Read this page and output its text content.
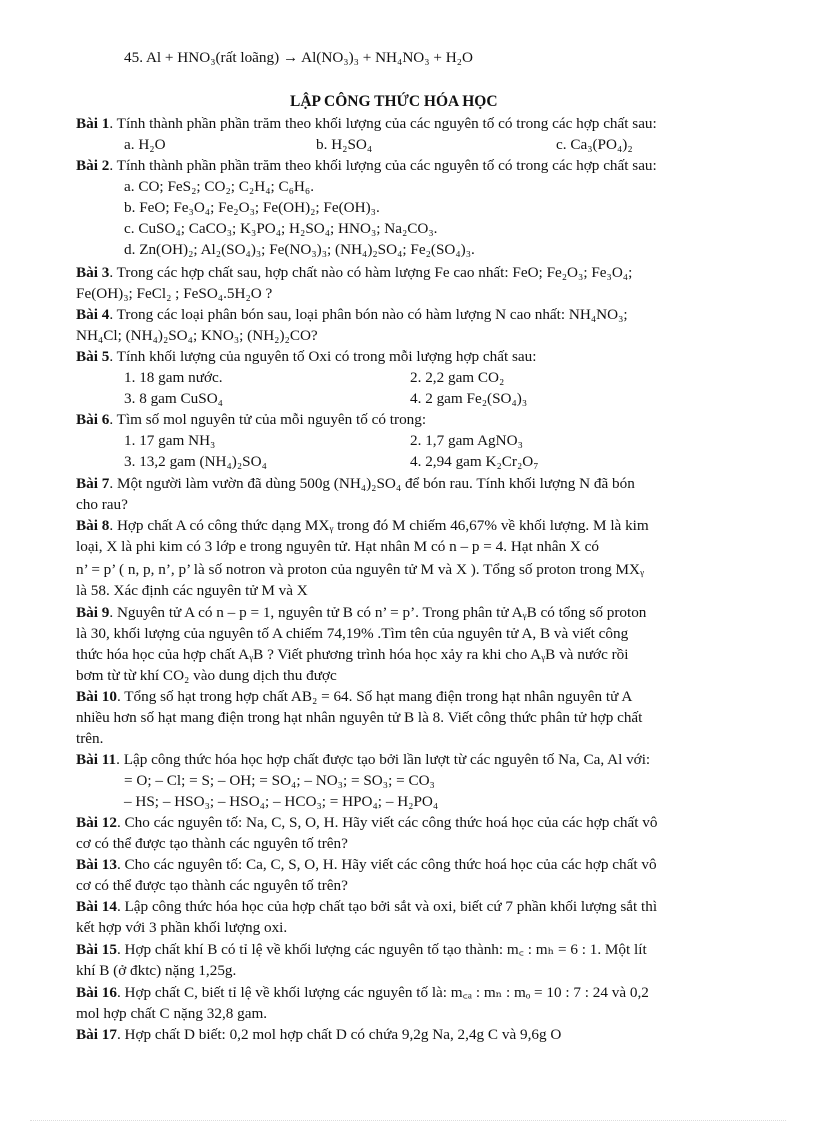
45. Al + HNO₃(rất loãng) → Al(NO₃)₃ + NH₄NO₃ + H₂O
LẬP CÔNG THỨC HÓA HỌC
Bài 1. Tính thành phần phần trăm theo khối lượng của các nguyên tố có trong các hợp chất sau:
a. H₂O	b. H₂SO₄	c. Ca₃(PO₄)₂
Bài 2. Tính thành phần phần trăm theo khối lượng của các nguyên tố có trong các hợp chất sau:
a. CO; FeS₂; CO₂; C₂H₄; C₆H₆.
b. FeO; Fe₃O₄; Fe₂O₃; Fe(OH)₂; Fe(OH)₃.
c. CuSO₄; CaCO₃; K₃PO₄; H₂SO₄; HNO₃; Na₂CO₃.
d. Zn(OH)₂; Al₂(SO₄)₃; Fe(NO₃)₃; (NH₄)₂SO₄; Fe₂(SO₄)₃.
Bài 3. Trong các hợp chất sau, hợp chất nào có hàm lượng Fe cao nhất: FeO; Fe₂O₃; Fe₃O₄;
Fe(OH)₃; FeCl₂ ; FeSO₄.5H₂O ?
Bài 4. Trong các loại phân bón sau, loại phân bón nào có hàm lượng N cao nhất: NH₄NO₃;
NH₄Cl; (NH₄)₂SO₄; KNO₃; (NH₂)₂CO?
Bài 5. Tính khối lượng của nguyên tố Oxi có trong mỗi lượng hợp chất sau:
1. 18 gam nước.	2. 2,2 gam CO₂
3. 8 gam CuSO₄	4. 2 gam Fe₂(SO₄)₃
Bài 6. Tìm số mol nguyên tử của mỗi nguyên tố có trong:
1. 17 gam NH₃	2. 1,7 gam AgNO₃
3. 13,2 gam (NH₄)₂SO₄	4. 2,94 gam K₂Cr₂O₇
Bài 7. Một người làm vườn đã dùng 500g (NH₄)₂SO₄ để bón rau. Tính khối lượng N đã bón
cho rau?
Bài 8. Hợp chất A có công thức dạng MXᵧ trong đó M chiếm 46,67% về khối lượng. M là kim
loại, X là phi kim có 3 lớp e trong nguyên tử. Hạt nhân M có n – p = 4. Hạt nhân X có
n’ = p’ ( n, p, n’, p’ là số notron và proton của nguyên tử M và X ). Tổng số proton trong MXᵧ
là 58. Xác định các nguyên tử M và X
Bài 9. Nguyên tử A có n – p = 1, nguyên tử B có n’ = p’. Trong phân tử AᵧB có tổng số proton
là 30, khối lượng của nguyên tố A chiếm 74,19% .Tìm tên của nguyên tử A, B và viết công
thức hóa học của hợp chất AᵧB ? Viết phương trình hóa học xảy ra khi cho AᵧB và nước rồi
bơm từ từ khí CO₂ vào dung dịch thu được
Bài 10. Tổng số hạt trong hợp chất AB₂ = 64. Số hạt mang điện trong hạt nhân nguyên tử A
nhiều hơn số hạt mang điện trong hạt nhân nguyên tử B là 8. Viết công thức phân tử hợp chất
trên.
Bài 11. Lập công thức hóa học hợp chất được tạo bởi lần lượt từ các nguyên tố Na, Ca, Al với:
= O; – Cl; = S; – OH; = SO₄; – NO₃; = SO₃; = CO₃
– HS; – HSO₃; – HSO₄; – HCO₃; = HPO₄; – H₂PO₄
Bài 12. Cho các nguyên tố: Na, C, S, O, H. Hãy viết các công thức hoá học của các hợp chất vô
cơ có thể được tạo thành các nguyên tố trên?
Bài 13. Cho các nguyên tố: Ca, C, S, O, H. Hãy viết các công thức hoá học của các hợp chất vô
cơ có thể được tạo thành các nguyên tố trên?
Bài 14. Lập công thức hóa học của hợp chất tạo bởi sắt và oxi, biết cứ 7 phần khối lượng sắt thì
kết hợp với 3 phần khối lượng oxi.
Bài 15. Hợp chất khí B có tỉ lệ về khối lượng các nguyên tố tạo thành: m꜀ : mₕ = 6 : 1. Một lít
khí B (ở đktc) nặng 1,25g.
Bài 16. Hợp chất C, biết tỉ lệ về khối lượng các nguyên tố là: m꜀ₐ : mₙ : mₒ = 10 : 7 : 24 và 0,2
mol hợp chất C nặng 32,8 gam.
Bài 17. Hợp chất D biết: 0,2 mol hợp chất D có chứa 9,2g Na, 2,4g C và 9,6g O
